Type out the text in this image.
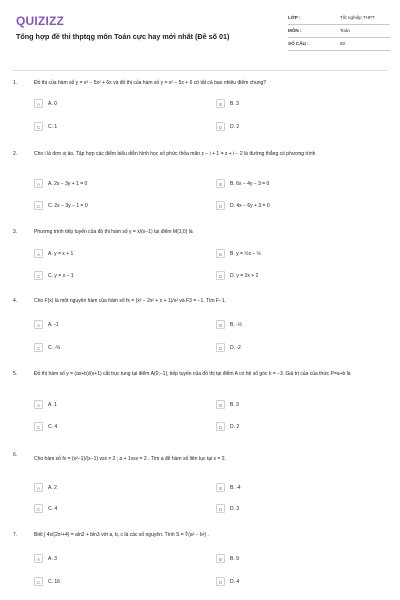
QUIZIZZ
Tổng hợp đề thi thptqg môn Toán cực hay mới nhất (Đề số 01)
LỚP :	Tốt nghiệp THPT
MÔN :	Toán
SỐ CÂU :	50
1.	Đồ thị của hàm số y = x³ − 5x² + 6x và đồ thị của hàm số y = x² − 5x + 6 có tất cả bao nhiêu điểm chung?
A	A. 0	B	B. 3
C	C. 1	D	D. 2
2.	Cho i là đơn vị ảo. Tập hợp các điểm biểu diễn hình học số phức thỏa mãn z − i + 1 = z + i − 2 là đường thẳng có phương trình
A	A. 2x − 3y + 1 = 0	B	B. 6x − 4y − 3 = 0
C	C. 2x − 3y − 1 = 0	D	D. 4x − 6y + 3 = 0
3.	Phương trình tiếp tuyến của đồ thị hàm số y = x/(x−1) tại điểm M(1;0) là
A	A. y = x + 1	B	B. y = ½x − ½
C	C. y = x − 1	D	D. y = 2x + 2
4.	Cho F(x) là một nguyên hàm của hàm số fx = (x³ − 2x² + x + 1)/x² và F3 = −1. Tìm F−1.
A	A. -1	B	B. -½
C	C. -⅔	D	D. -2
5.	Đồ thị hàm số y = (ax+b)/(x+1) cắt trục tung tại điểm A(0;−1), tiếp tuyến của đồ thị tại điểm A có hệ số góc k = −3. Giá trị của của thức P=a+b là
A	A. 1	B	B. 3
C	C. 4	D	D. 2
6.
Cho hàm số fx = (x²−1)/(x−1) vsx ≠ 2 ; a + 1vsx = 2 . Tìm a để hàm số liên tục tại x = 2.
A	A. 2	B	B. -4
C	C. 4	D	D. 3
7.	Biết ∫ 4x/(2x²+4) = aln2 + bln3 với a, b, c là các số nguyên. Tính S = ∜(a³ − b²) .
A	A. 3	B	B. 9
C	C. 16	D	D. 4
